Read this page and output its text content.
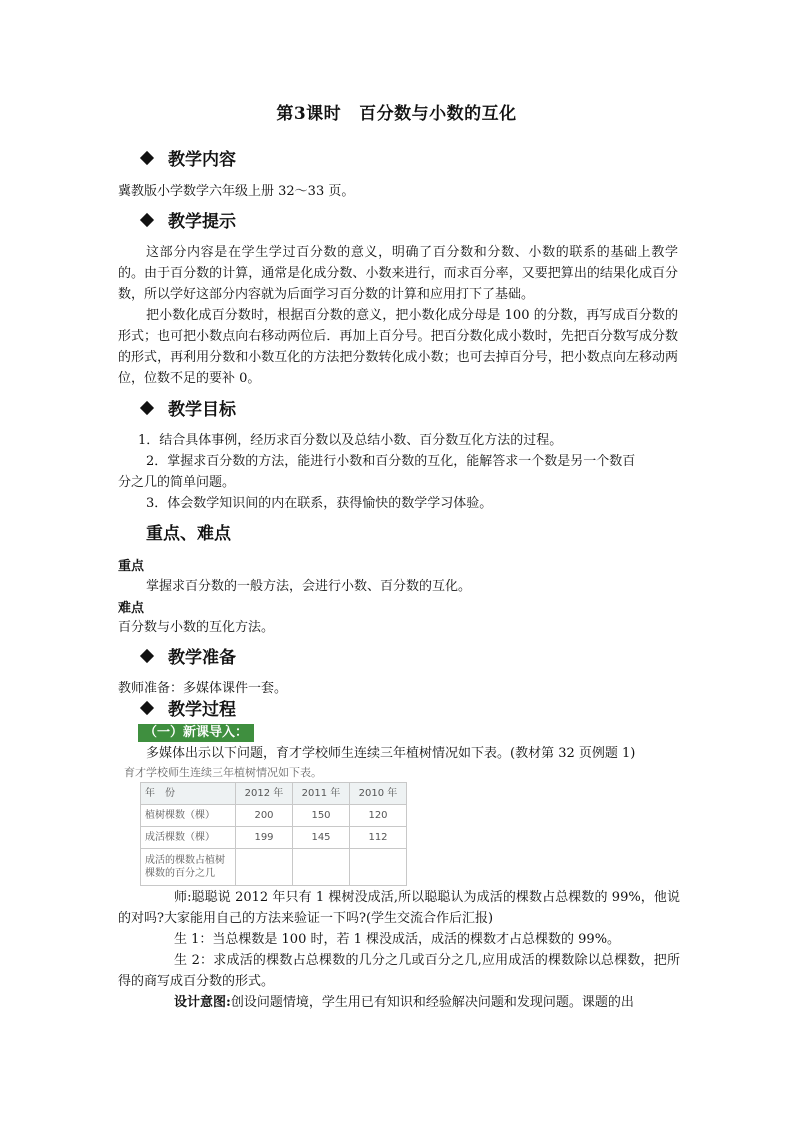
第3课时 百分数与小数的互化
教学内容

冀教版小学数学六年级上册 32～33 页。

教学提示

这部分内容是在学生学过百分数的意义，明确了百分数和分数、小数的联系的基础上教学的。由于百分数的计算，通常是化成分数、小数来进行，而求百分率，又要把算出的结果化成百分数，所以学好这部分内容就为后面学习百分数的计算和应用打下了基础。

把小数化成百分数时，根据百分数的意义，把小数化成分母是 100 的分数，再写成百分数的形式；也可把小数点向右移动两位后．再加上百分号。把百分数化成小数时，先把百分数写成分数的形式，再利用分数和小数互化的方法把分数转化成小数；也可去掉百分号，把小数点向左移动两位，位数不足的要补 0。

教学目标

1．结合具体事例，经历求百分数以及总结小数、百分数互化方法的过程。

2．掌握求百分数的方法，能进行小数和百分数的互化，能解答求一个数是另一个数百

分之几的简单问题。

3．体会数学知识间的内在联系，获得愉快的数学学习体验。

重点、难点
重点

掌握求百分数的一般方法，会进行小数、百分数的互化。

难点

百分数与小数的互化方法。

教学准备

教师准备：多媒体课件一套。

教学过程
（一）新课导入：

多媒体出示以下问题，育才学校师生连续三年植树情况如下表。(教材第 32 页例题 1)

育才学校师生连续三年植树情况如下表。
年　份	2012 年	2011 年	2010 年
植树棵数（棵）	200	150	120
成活棵数（棵）	199	145	112
成活的棵数占植树棵数的百分之几			

师:聪聪说 2012 年只有 1 棵树没成活,所以聪聪认为成活的棵数占总棵数的 99%，他说的对吗?大家能用自己的方法来验证一下吗?(学生交流合作后汇报)

生 1：当总棵数是 100 时，若 1 棵没成活，成活的棵数才占总棵数的 99%。

生 2：求成活的棵数占总棵数的几分之几或百分之几,应用成活的棵数除以总棵数，把所得的商写成百分数的形式。

设计意图:创设问题情境，学生用已有知识和经验解决问题和发现问题。课题的出
